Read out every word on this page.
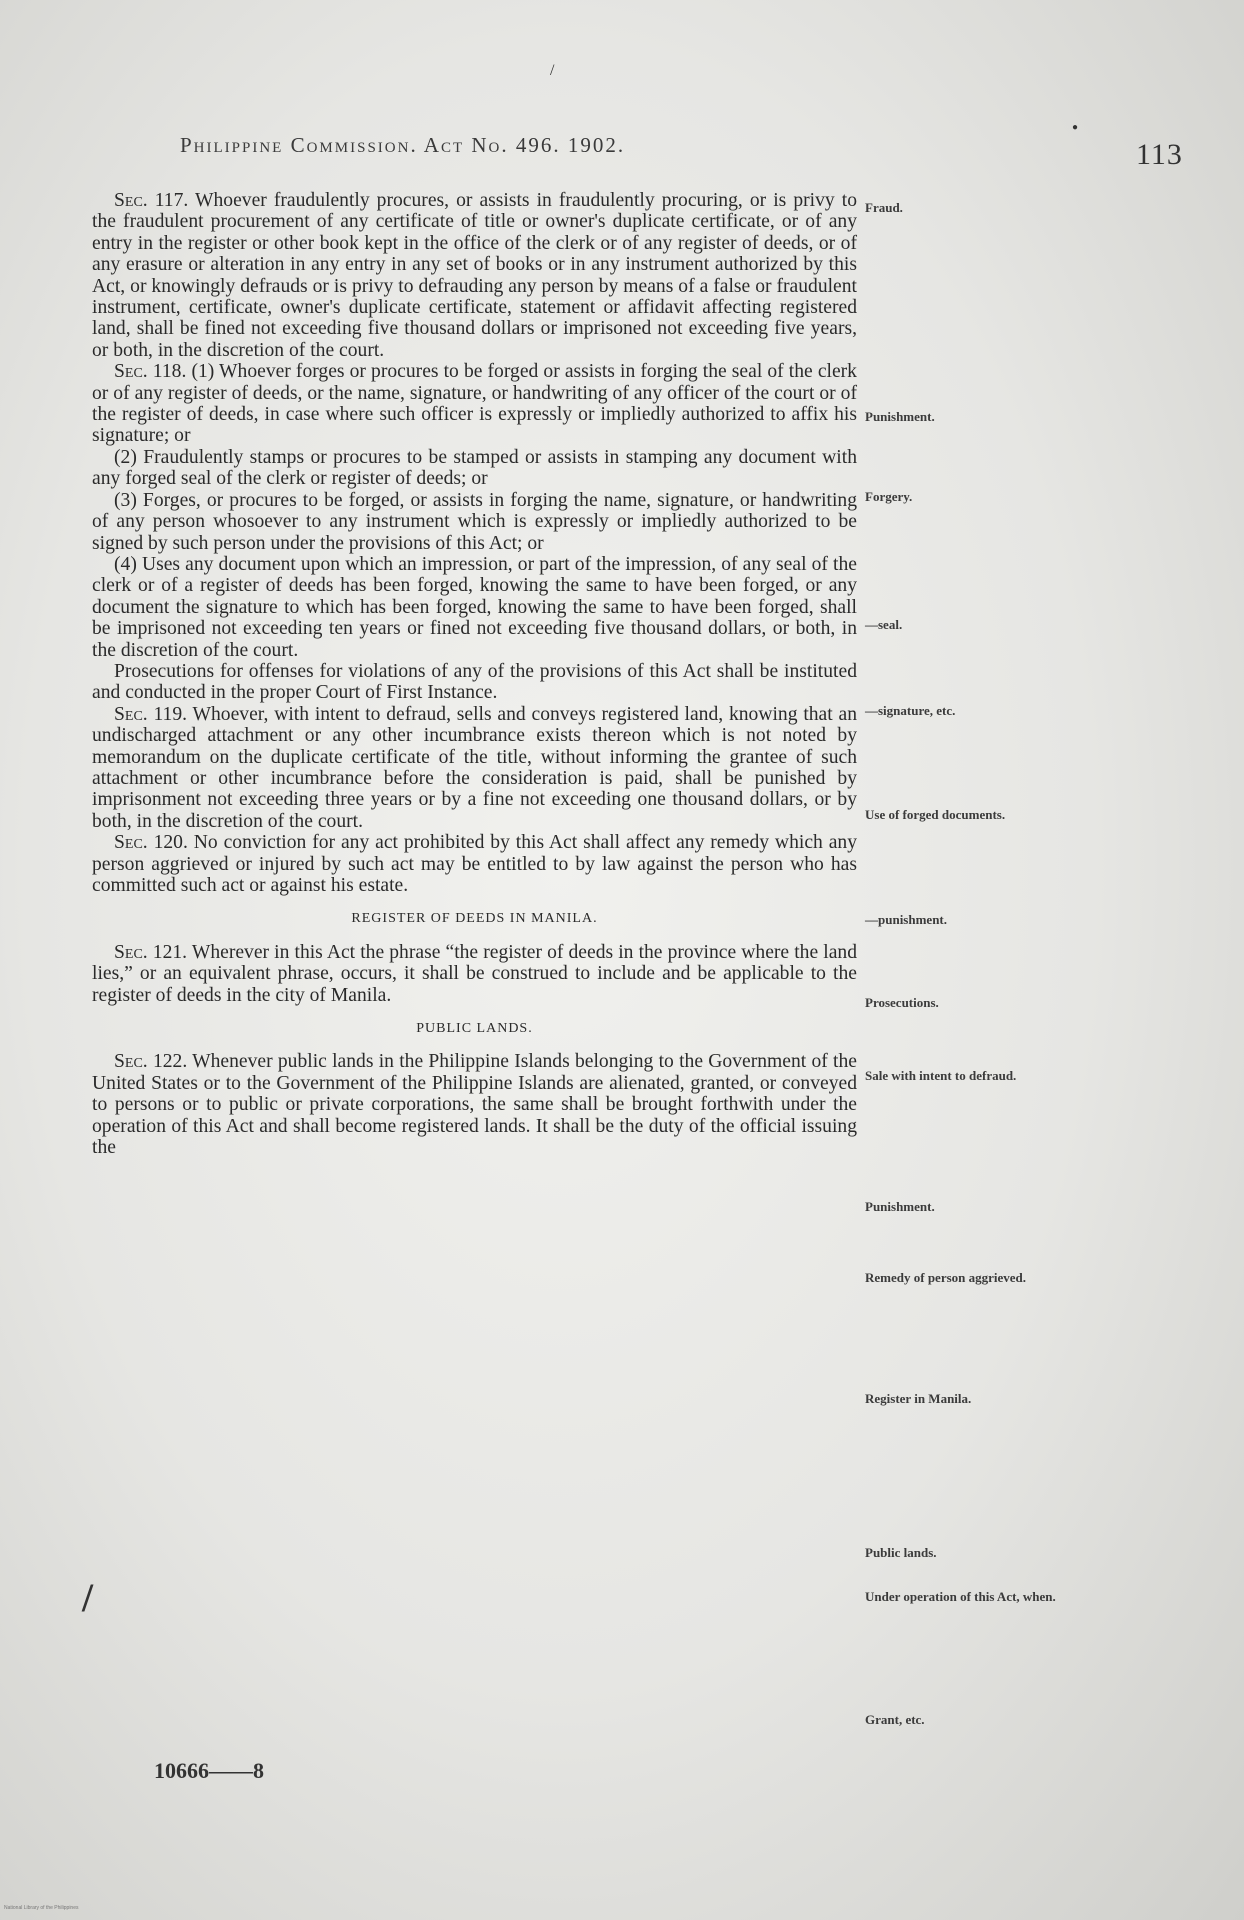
Philippine Commission. Act No. 496. 1902.	113

Sec. 117. Whoever fraudulently procures, or assists in fraudulently procuring, or is privy to the fraudulent procurement of any certificate of title or owner's duplicate certificate, or of any entry in the register or other book kept in the office of the clerk or of any register of deeds, or of any erasure or alteration in any entry in any set of books or in any instrument authorized by this Act, or knowingly defrauds or is privy to defrauding any person by means of a false or fraudulent instrument, certificate, owner's duplicate certificate, statement or affidavit affecting registered land, shall be fined not exceeding five thousand dollars or imprisoned not exceeding five years, or both, in the discretion of the court.

Sec. 118. (1) Whoever forges or procures to be forged or assists in forging the seal of the clerk or of any register of deeds, or the name, signature, or handwriting of any officer of the court or of the register of deeds, in case where such officer is expressly or impliedly authorized to affix his signature; or

(2) Fraudulently stamps or procures to be stamped or assists in stamping any document with any forged seal of the clerk or register of deeds; or

(3) Forges, or procures to be forged, or assists in forging the name, signature, or handwriting of any person whosoever to any instrument which is expressly or impliedly authorized to be signed by such person under the provisions of this Act; or

(4) Uses any document upon which an impression, or part of the impression, of any seal of the clerk or of a register of deeds has been forged, knowing the same to have been forged, or any document the signature to which has been forged, knowing the same to have been forged, shall be imprisoned not exceeding ten years or fined not exceeding five thousand dollars, or both, in the discretion of the court.

Prosecutions for offenses for violations of any of the provisions of this Act shall be instituted and conducted in the proper Court of First Instance.

Sec. 119. Whoever, with intent to defraud, sells and conveys registered land, knowing that an undischarged attachment or any other incumbrance exists thereon which is not noted by memorandum on the duplicate certificate of the title, without informing the grantee of such attachment or other incumbrance before the consideration is paid, shall be punished by imprisonment not exceeding three years or by a fine not exceeding one thousand dollars, or by both, in the discretion of the court.

Sec. 120. No conviction for any act prohibited by this Act shall affect any remedy which any person aggrieved or injured by such act may be entitled to by law against the person who has committed such act or against his estate.

REGISTER OF DEEDS IN MANILA.

Sec. 121. Wherever in this Act the phrase “the register of deeds in the province where the land lies,” or an equivalent phrase, occurs, it shall be construed to include and be applicable to the register of deeds in the city of Manila.

PUBLIC LANDS.

Sec. 122. Whenever public lands in the Philippine Islands belonging to the Government of the United States or to the Government of the Philippine Islands are alienated, granted, or conveyed to persons or to public or private corporations, the same shall be brought forthwith under the operation of this Act and shall become registered lands. It shall be the duty of the official issuing the

Fraud.
Punishment.
Forgery.
—seal.
—signature, etc.
Use of forged documents.
—punishment.
Prosecutions.
Sale with intent to defraud.
Punishment.
Remedy of person aggrieved.
Register in Manila.
Public lands.
Under operation of this Act, when.
Grant, etc.
10666——8
/
●
/
National Library of the Philippines
